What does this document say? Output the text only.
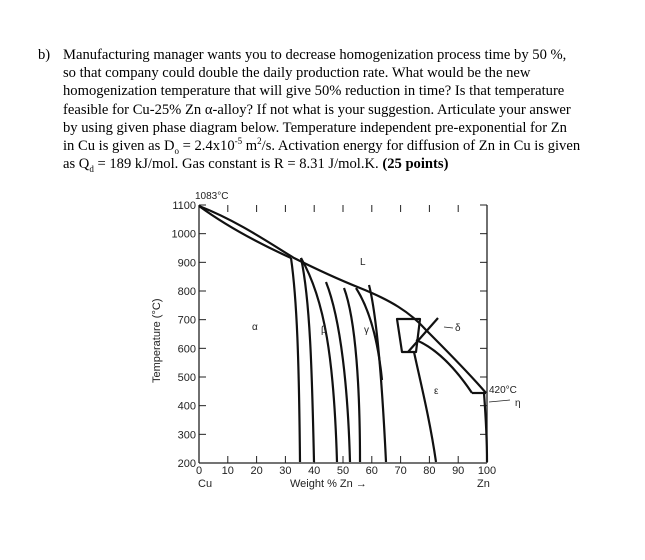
b) Manufacturing manager wants you to decrease homogenization process time by 50 %,
so that company could double the daily production rate. What would be the new
homogenization temperature that will give 50% reduction in time? Is that temperature
feasible for Cu-25% Zn α-alloy? If not what is your suggestion. Articulate your answer
by using given phase diagram below. Temperature independent pre-exponential for Zn
in Cu is given as $D_o = 2.4x10^{-5}$ $m^2/s$. Activation energy for diffusion of Zn in Cu is given
as $Q_d = 189$ kJ/mol. Gas constant is R = 8.31 J/mol.K. (25 points)
1100
1000
900
800
700
600
500
400
300
200
0 10 20 30 40 50 60 70 80 90 100
Temperature (°C)
Weight % Zn →
Cu	Zn
1083°C
420°C
L
α	β	γ	δ
ε
η
